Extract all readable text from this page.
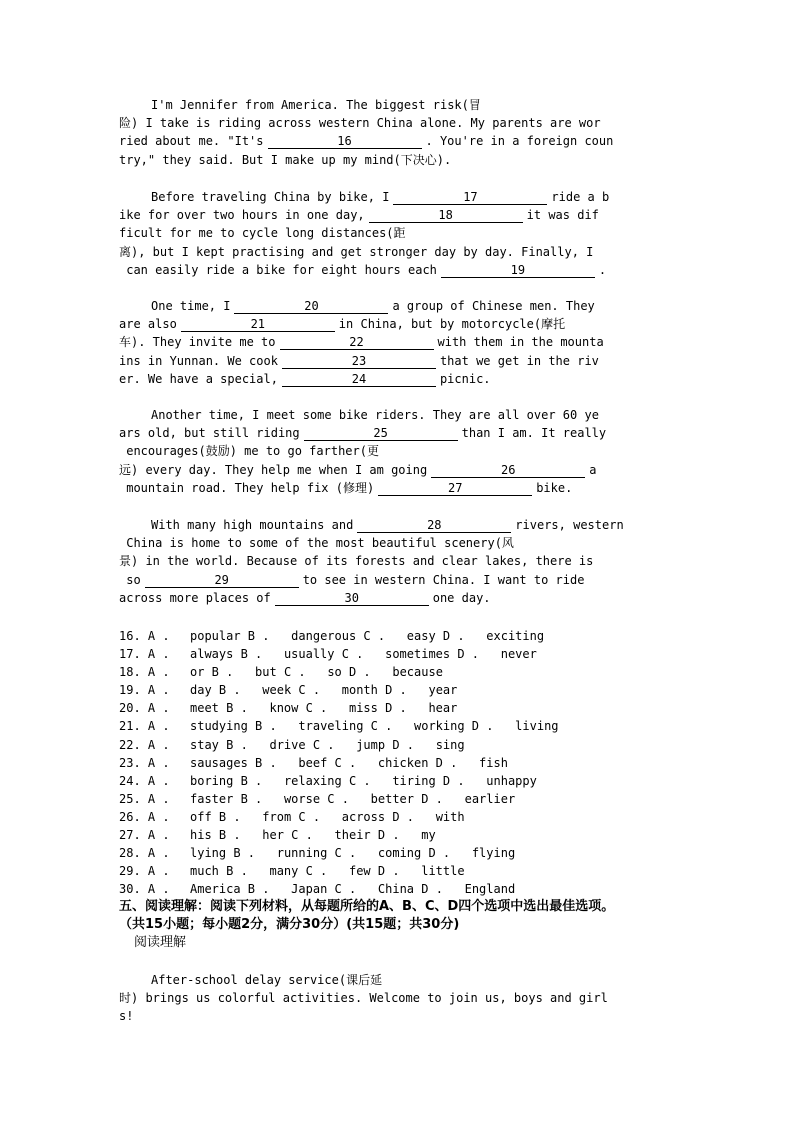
I'm Jennifer from America. The biggest risk(冒
险) I take is riding across western China alone. My parents are wor
ried about me. "It's	16	. You're in a foreign coun
try," they said. But I make up my mind(下决心).
Before traveling China by bike, I	17	ride a b
ike for over two hours in one day,	18	it was dif
ficult for me to cycle long distances(距
离), but I kept practising and get stronger day by day. Finally, I
can easily ride a bike for eight hours each	19	.
One time, I	20	a group of Chinese men. They
are also	21	in China, but by motorcycle(摩托
车). They invite me to	22	with them in the mounta
ins in Yunnan. We cook	23	that we get in the riv
er. We have a special,	24	picnic.
Another time, I meet some bike riders. They are all over 60 ye
ars old, but still riding	25	than I am. It really
encourages(鼓励) me to go farther(更
远) every day. They help me when I am going	26	a
mountain road. They help fix (修理)	27	bike.
With many high mountains and	28	rivers, western
China is home to some of the most beautiful scenery(风
景) in the world. Because of its forests and clear lakes, there is
so	29	to see in western China. I want to ride
across more places of	30	one day.
16. A . popular B . dangerous C . easy D . exciting
17. A . always B . usually C . sometimes D . never
18. A . or B . but C . so D . because
19. A . day B . week C . month D . year
20. A . meet B . know C . miss D . hear
21. A . studying B . traveling C . working D . living
22. A . stay B . drive C . jump D . sing
23. A . sausages B . beef C . chicken D . fish
24. A . boring B . relaxing C . tiring D . unhappy
25. A . faster B . worse C . better D . earlier
26. A . off B . from C . across D . with
27. A . his B . her C . their D . my
28. A . lying B . running C . coming D . flying
29. A . much B . many C . few D . little
30. A . America B . Japan C . China D . England
五、阅读理解：阅读下列材料，从每题所给的A、B、C、D四个选项中选出最佳选项。
（共15小题；每小题2分，满分30分）(共15题；共30分)
阅读理解
After-school delay service(课后延
时) brings us colorful activities. Welcome to join us, boys and girl
s!
